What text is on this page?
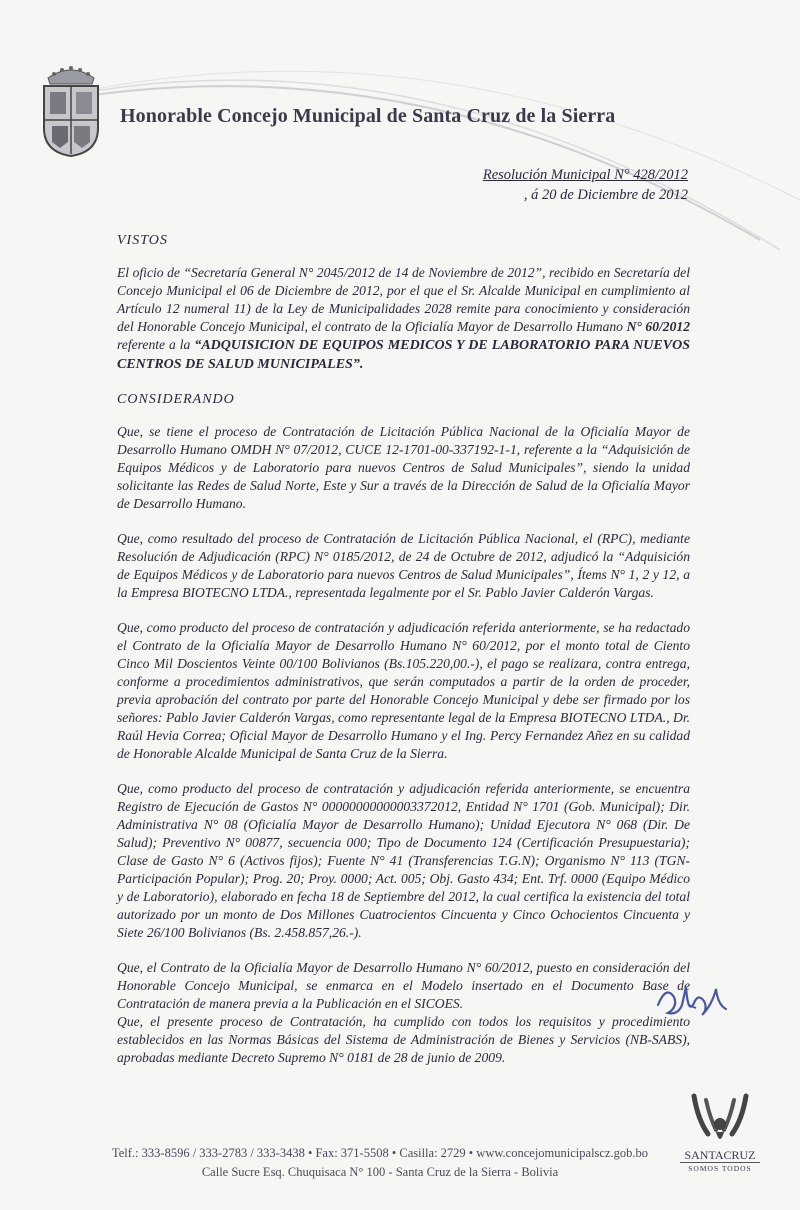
Honorable Concejo Municipal de Santa Cruz de la Sierra
Resolución Municipal N° 428/2012
, á 20 de Diciembre de 2012

VISTOS

El oficio de “Secretaría General N° 2045/2012 de 14 de Noviembre de 2012”, recibido en Secretaría del Concejo Municipal el 06 de Diciembre de 2012, por el que el Sr. Alcalde Municipal en cumplimiento al Artículo 12 numeral 11) de la Ley de Municipalidades 2028 remite para conocimiento y consideración del Honorable Concejo Municipal, el contrato de la Oficialía Mayor de Desarrollo Humano N° 60/2012 referente a la “ADQUISICION DE EQUIPOS MEDICOS Y DE LABORATORIO PARA NUEVOS CENTROS DE SALUD MUNICIPALES”.

CONSIDERANDO

Que, se tiene el proceso de Contratación de Licitación Pública Nacional de la Oficialía Mayor de Desarrollo Humano OMDH N° 07/2012, CUCE 12-1701-00-337192-1-1, referente a la “Adquisición de Equipos Médicos y de Laboratorio para nuevos Centros de Salud Municipales”, siendo la unidad solicitante las Redes de Salud Norte, Este y Sur a través de la Dirección de Salud de la Oficialía Mayor de Desarrollo Humano.

Que, como resultado del proceso de Contratación de Licitación Pública Nacional, el (RPC), mediante Resolución de Adjudicación (RPC) N° 0185/2012, de 24 de Octubre de 2012, adjudicó la “Adquisición de Equipos Médicos y de Laboratorio para nuevos Centros de Salud Municipales”, Ítems N° 1, 2 y 12, a la Empresa BIOTECNO LTDA., representada legalmente por el Sr. Pablo Javier Calderón Vargas.

Que, como producto del proceso de contratación y adjudicación referida anteriormente, se ha redactado el Contrato de la Oficialía Mayor de Desarrollo Humano N° 60/2012, por el monto total de Ciento Cinco Mil Doscientos Veinte 00/100 Bolivianos (Bs.105.220,00.-), el pago se realizara, contra entrega, conforme a procedimientos administrativos, que serán computados a partir de la orden de proceder, previa aprobación del contrato por parte del Honorable Concejo Municipal y debe ser firmado por los señores: Pablo Javier Calderón Vargas, como representante legal de la Empresa BIOTECNO LTDA., Dr. Raúl Hevia Correa; Oficial Mayor de Desarrollo Humano y el Ing. Percy Fernandez Añez en su calidad de Honorable Alcalde Municipal de Santa Cruz de la Sierra.

Que, como producto del proceso de contratación y adjudicación referida anteriormente, se encuentra Registro de Ejecución de Gastos N° 00000000000003372012, Entidad N° 1701 (Gob. Municipal); Dir. Administrativa N° 08 (Oficialía Mayor de Desarrollo Humano); Unidad Ejecutora N° 068 (Dir. De Salud); Preventivo N° 00877, secuencia 000; Tipo de Documento 124 (Certificación Presupuestaria); Clase de Gasto N° 6 (Activos fijos); Fuente N° 41 (Transferencias T.G.N); Organismo N° 113 (TGN- Participación Popular); Prog. 20; Proy. 0000; Act. 005; Obj. Gasto 434; Ent. Trf. 0000 (Equipo Médico y de Laboratorio), elaborado en fecha 18 de Septiembre del 2012, la cual certifica la existencia del total autorizado por un monto de Dos Millones Cuatrocientos Cincuenta y Cinco Ochocientos Cincuenta y Siete 26/100 Bolivianos (Bs. 2.458.857,26.-).

Que, el Contrato de la Oficialía Mayor de Desarrollo Humano N° 60/2012, puesto en consideración del Honorable Concejo Municipal, se enmarca en el Modelo insertado en el Documento Base de Contratación de manera previa a la Publicación en el SICOES.

Que, el presente proceso de Contratación, ha cumplido con todos los requisitos y procedimiento establecidos en las Normas Básicas del Sistema de Administración de Bienes y Servicios (NB-SABS), aprobadas mediante Decreto Supremo N° 0181 de 28 de junio de 2009.

Telf.: 333-8596 / 333-2783 / 333-3438 • Fax: 371-5508 • Casilla: 2729 • www.concejomunicipalscz.gob.bo
Calle Sucre Esq. Chuquisaca N° 100 - Santa Cruz de la Sierra - Bolivia
SANTACRUZ
SOMOS TODOS
